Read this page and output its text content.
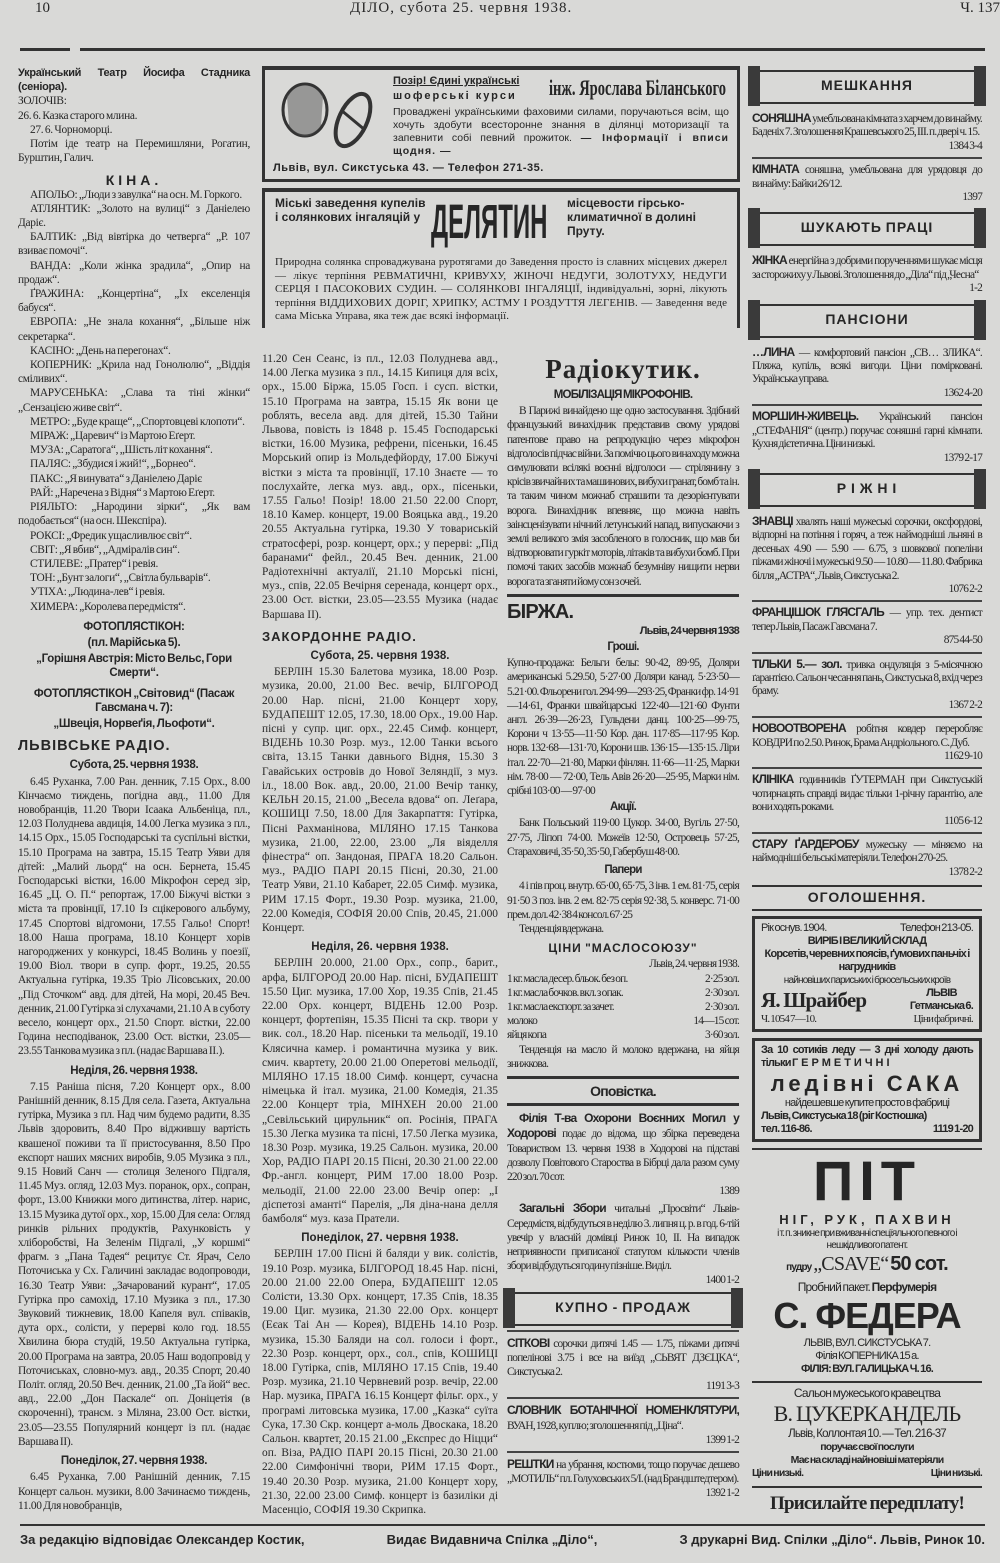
10	ДІЛО, субота 25. червня 1938.	Ч. 137
Український Театр Йосифа Стадника (сеніора).
ЗОЛОЧІВ:
26. 6. Казка старого млина.

27. 6. Чорноморці.

Потім іде театр на Перемишляни, Рогатин, Бурштин, Галич.

КІНА.

АПОЛЬО: „Люди з завулка“ на осн. М. Горкого.

АТЛЯНТИК: „Золото на вулиці“ з Даніелею Даріє.

БАЛТИК: „Від вівтірка до четверга“ „Р. 107 взиває помочі“.

ВАНДА: „Коли жінка зрадила“, „Опир на продаж“.

ҐРАЖИНА: „Концертіна“, „Іх екселенція бабуся“.

ЕВРОПА: „Не знала кохання“, „Більше ніж секретарка“.

КАСІНО: „День на перегонах“.

КОПЕРНИК: „Крила над Гонолюлю“, „Віддія сміливих“.

МАРУСЕНЬКА: „Слава та тіні жінки“ „Сензацією живе світ“.

МЕТРО: „Буде краще“, „Спортовцеві клопоти“.

МІРАЖ: „Царевич“ із Мартою Еґерт.

МУЗА: „Саратога“, „Шість літ кохання“.

ПАЛЯС: „Збудися і жий!“, „Борнео“.

ПАКС: „Я винувата“ з Даніелею Даріє

РАЙ: „Наречена з Відня“ з Мартою Еґерт.

РІЯЛЬТО: „Народини зірки“, „Як вам подобається“ (на осн. Шекспіра).

РОКСІ: „Фредик ущасливлює світ“.

СВІТ: „Я вбив“, „Адміралів син“.

СТИЛЕВЕ: „Пратер“ і ревія.

ТОН: „Бунт залоги“, „Світла бульварів“.

УТІХА: „Людина-лев“ і ревія.

ХИМЕРА: „Королева передмістя“.

ФОТОПЛЯСТІКОН:
(пл. Марійська 5).
„Горішня Австрія: Місто Вельс, Гори Смерти“.
ФОТОПЛЯСТІКОН „Світовид“ (Пасаж Гавсмана ч. 7):
„Швеція, Норвеґія, Льофоти“.
ЛЬВІВСЬКЕ РАДІО.
Субота, 25. червня 1938.

6.45 Руханка, 7.00 Ран. денник, 7.15 Орх., 8.00 Кінчаємо тиждень, погідна авд., 11.00 Для новобранців, 11.20 Твори Ісаака Альбеніца, пл., 12.03 Полуднева авдиція, 14.00 Легка музика з пл., 14.15 Орх., 15.05 Господарські та суспільні вістки, 15.10 Програма на завтра, 15.15 Театр Уяви для дітей: „Малий льорд“ на осн. Бернета, 15.45 Господарські вістки, 16.00 Мікрофон серед зір, 16.45 „Ц. О. П.“ репортаж, 17.00 Біжучі вістки з міста та провінції, 17.10 Із сцікерового альбуму, 17.45 Спортові відгомони, 17.55 Гальо! Спорт! 18.00 Наша програма, 18.10 Концерт хорів нагороджених у конкурсі, 18.45 Волинь у поезії, 19.00 Віол. твори в супр. форт., 19.25, 20.55 Актуальна гутірка, 19.35 Тріо Лісовських, 20.00 „Під Сточком“ авд. для дітей, На морі, 20.45 Веч. денник, 21.00 Гутірка зі слухачами, 21.10 А в суботу весело, концерт орх., 21.50 Спорт. вістки, 22.00 Година несподіванок, 23.00 Ост. вістки, 23.05—23.55 Танкова музика з пл. (надає Варшава II.).

Неділя, 26. червня 1938.

7.15 Раніша пісня, 7.20 Концерт орх., 8.00 Ранішній денник, 8.15 Для села. Газета, Актуальна гутірка, Музика з пл. Над чим будемо радити, 8.35 Львів здоровить, 8.40 Про віджившу вартість квашеної поживи та її пристосування, 8.50 Про експорт наших мясних виробів, 9.05 Музика з пл., 9.15 Новий Санч — столиця Зеленого Підгаля, 11.45 Муз. огляд, 12.03 Муз. поранок, орх., сопран, форт., 13.00 Книжки мого дитинства, літер. нарис, 13.15 Музика дутої орх., хор, 15.00 Для села: Огляд ринків рільних продуктів, Рахунковість у хліборобстві, На Зеленім Підгалі, „У коршмі“ фрагм. з „Пана Тадея“ рецитує Ст. Ярач, Село Поточиська у Сх. Галичині закладає водопроводи, 16.30 Театр Уяви: „Зачарований курант“, 17.05 Гутірка про самохід, 17.10 Музика з пл., 17.30 Звуковий тижневик, 18.00 Капеля вул. співаків, дута орх., солісти, у перерві коло год. 18.55 Хвилина бюра студій, 19.50 Актуальна гутірка, 20.00 Програма на завтра, 20.05 Наш водопровід у Поточиськах, словно-муз. авд., 20.35 Спорт, 20.40 Політ. огляд, 20.50 Веч. денник, 21.00 „Та йой“ вес. авд., 22.00 „Дон Паскале“ оп. Доніцетія (в скороченні), трансм. з Міляна, 23.00 Ост. вістки, 23.05—23.55 Популярний концерт із пл. (надає Варшава II).

Понеділок, 27. червня 1938.

6.45 Руханка, 7.00 Ранішній денник, 7.15 Концерт сальон. музики, 8.00 Зачинаємо тиждень, 11.00 Для новобранців,

Позір! Єдині українські
шоферські курси	інж. Ярослава Біланського
Проваджені українськими фаховими силами, поручаються всім, що хочуть здобути всесторонне знання в ділянці моторизації та запевнити собі певний прожиток. — Інформації і вписи щодня. —
Львів, вул. Сикстуська 43. — Телефон 271-35.
Міські заведення купелів і солянкових інгаляцій у ДЕЛЯТИН	місцевости гірсько-климатичної в долині Пруту.
Природна солянка спроваджувана руротягами до Заведення просто із славних місцевих джерел — лікує терпіння РЕВМАТИЧНІ, КРИВУХУ, ЖІНОЧІ НЕДУГИ, ЗОЛОТУХУ, НЕДУГИ СЕРЦЯ І ПАСОКОВИХ СУДИН. — СОЛЯНКОВІ ІНГАЛЯЦІЇ, індивідуальні, зорні, лікують терпіння ВІДДИХОВИХ ДОРІГ, ХРИПКУ, АСТМУ І РОЗДУТТЯ ЛЕГЕНІВ. — Заведення веде сама Міська Управа, яка теж дає всякі інформації.
11.20 Сен Сеанс, із пл., 12.03 Полуднева авд., 14.00 Легка музика з пл., 14.15 Кипиця для всіх, орх., 15.00 Біржа, 15.05 Госп. і сусп. вістки, 15.10 Програма на завтра, 15.15 Як вони це роблять, весела авд. для дітей, 15.30 Тайни Львова, повість із 1848 р. 15.45 Господарські вістки, 16.00 Музика, рефрени, пісеньки, 16.45 Морський опир із Мольдефйорду, 17.00 Біжучі вістки з міста та провінції, 17.10 Знаєте — то послухайте, легка муз. авд., орх., пісеньки, 17.55 Гальо! Позір! 18.00 21.50 22.00 Спорт, 18.10 Камер. концерт, 19.00 Вояцька авд., 19.20 20.55 Актуальна гутірка, 19.30 У товариській стратосфері, розр. концерт, орх.; у перерві: „Під баранами“ фейл., 20.45 Веч. денник, 21.00 Радіотехнічні актуалії, 21.10 Морські пісні, муз., спів, 22.05 Вечірня серенада, концерт орх., 23.00 Ост. вістки, 23.05—23.55 Музика (надає Варшава II).
ЗАКОРДОННЕ РАДІО.
Субота, 25. червня 1938.

БЕРЛІН 15.30 Балетова музика, 18.00 Розр. музика, 20.00, 21.00 Вес. вечір, БІЛГОРОД 20.00 Нар. пісні, 21.00 Концерт хору, БУДАПЕШТ 12.05, 17.30, 18.00 Орх., 19.00 Нар. пісні у супр. циг. орх., 22.45 Симф. концерт, ВІДЕНЬ 10.30 Розр. муз., 12.00 Танки всього світа, 13.15 Танки давнього Відня, 15.30 З Гавайських островів до Нової Зеляндії, з муз. іл., 18.00 Вок. авд., 20.00, 21.00 Вечір танку, КЕЛЬН 20.15, 21.00 „Весела вдова“ оп. Леґара, КОШИЦІ 7.50, 18.00 Для Закарпаття: Гутірка, Пісні Рахманінова, МІЛЯНО 17.15 Танкова музика, 21.00, 22.00, 23.00 „Ля віяделля фінестра“ оп. Зандоная, ПРАГА 18.20 Сальон. муз., РАДІО ПАРІ 20.15 Пісні, 20.30, 21.00 Театр Уяви, 21.10 Кабарет, 22.05 Симф. музика, РИМ 17.15 Форт., 19.30 Розр. музика, 21.00, 22.00 Комедія, СОФІЯ 20.00 Спів, 20.45, 21.000 Концерт.

Неділя, 26. червня 1938.

БЕРЛІН 20.000, 21.00 Орх., сопр., барит., арфа, БІЛГОРОД 20.00 Нар. пісні, БУДАПЕШТ 15.50 Циг. музика, 17.00 Хор, 19.35 Спів, 21.45 22.00 Орх. концерт, ВІДЕНЬ 12.00 Розр. концерт, фортепіян, 15.35 Пісні та скр. твори у вик. сол., 18.20 Нар. пісеньки та мельодії, 19.10 Клясична камер. і романтична музика у вик. смич. квартету, 20.00 21.00 Оперетові мельодії, МІЛЯНО 17.15 18.00 Симф. концерт, сучасна німецька й італ. музика, 21.00 Комедія, 21.35 22.00 Концерт тріа, МІНХЕН 20.00 21.00 „Севільський цирульник“ оп. Росінія, ПРАГА 15.30 Легка музика та пісні, 17.50 Легка музика, 18.30 Розр. музика, 19.25 Сальон. музика, 20.00 Хор, РАДІО ПАРІ 20.15 Пісні, 20.30 21.00 22.00 Фр.-англ. концерт, РИМ 17.00 18.00 Розр. мельодії, 21.00 22.00 23.00 Вечір опер: „І діспетозі аманті“ Парелія, „Ля діна-нана делля бамболя“ муз. каза Пратели.

Понеділок, 27. червня 1938.

БЕРЛІН 17.00 Пісні й баляди у вик. солістів, 19.10 Розр. музика, БІЛГОРОД 18.45 Нар. пісні, 20.00 21.00 22.00 Опера, БУДАПЕШТ 12.05 Солісти, 13.30 Орх. концерт, 17.35 Спів, 18.35 19.00 Циг. музика, 21.30 22.00 Орх. концерт (Еєак Таі Ан — Корея), ВІДЕНЬ 14.10 Розр. музика, 15.30 Баляди на сол. голоси і форт., 22.30 Розр. концерт, орх., сол., спів, КОШИЦІ 18.00 Гутірка, спів, МІЛЯНО 17.15 Спів, 19.40 Розр. музика, 21.10 Червневий розр. вечір, 22.00 Нар. музика, ПРАГА 16.15 Концерт фільг. орх., у програмі литовська музика, 17.00 „Казка“ суїта Сука, 17.30 Скр. концерт а-моль Двоскака, 18.20 Сальон. квартет, 20.15 21.00 „Експрес до Ніцци“ оп. Віза, РАДІО ПАРІ 20.15 Пісні, 20.30 21.00 22.00 Симфонічні твори, РИМ 17.15 Форт., 19.40 20.30 Розр. музика, 21.00 Концерт хору, 21.30, 22.00 23.00 Симф. концерт із базиліки ді Масенціо, СОФІЯ 19.30 Скрипка.

Радіокутик.
МОБІЛІЗАЦІЯ МІКРОФОНІВ.

В Парижі винайдено ще одно застосування. Здібний французький винахідник представив свому урядові патентове право на репродукцію через мікрофон відголосів підчас війни. За помічю цього винаходу можна симулювати всілякі воєнні відголоси — стрілянину з крісів звичайних та машинових, вибухи гранат, бомб та ін. та таким чином можнаб страшити та дезорієнтувати ворога. Винахідник впевняє, що можна навіть заінсценізувати нічний летунський напад, випускаючи з землі великого змія засобленого в голосник, що мав би відтворювати гуркіт моторів, літаків та вибухи бомб. При помочі таких засобів можнаб безумніву нищити нерви ворога та зганяти йому сон з очей.

БІРЖА.
Львів, 24 червня 1938
Гроші.
Купно-продажа: Бельги бельг. 90·42, 89·95, Доляри американські 5.29.50, 5·27·00 Доляри канад. 5·23·50—5.21·00. Фльорени гол. 294·99—293·25, Франки фр. 14·91—14·61, Франки швайцарські 122·40—121·60 Фунти англ. 26·39—26·23, Гульдени данц. 100·25—99·75, Корони ч 13·55—11·50 Кор. дан. 117·85—117·95 Кор. норв. 132·68—131·70, Корони шв. 136·15—135·15. Ліри італ. 22·70—21·80, Марки фінлян. 11·66—11·25, Марки нім. 78·00 — 72·00, Тель Авів 26·20—25·95, Марки нім. срібні 103·00 — 97·00
Акції.

Банк Польський 119·00 Цукор. 34·00, Вугіль 27·50, 27·75, Ліпоп 74·00. Можеїв 12·50, Островець 57·25, Стараховичі, 35·50, 35·50, Габербуш 48·00.

Папери

4 і пів проц. внутр. 65·00, 65·75, 3 інв. 1 ем. 81·75, серія 91·50 3 поз. інв. 2 ем. 82·75 серія 92·38, 5. конверс. 71·00 прем. дол. 42·38 4 консол. 67·25

Тенденція вдержана.

ЦІНИ "МАСЛОСОЮЗУ"
Львів, 24. червня 1938.
1 кг. масла десер. бльок. без оп.	2·25 зол.
1 кг. масла бочков. вкл. з опак.	2·30 зол.
1 кг. масла експорт. за зачет.	2·30 зол.
молоко	14—15 сот.
яйця копа	3·60 зол.

Тенденція на масло й молоко вдержана, на яйця знижкова.

Оповістка.

Філія Т-ва Охорони Воєнних Могил у Ходорові подає до відома, що збірка переведена Товариством 13. червня 1938 в Ходорові на підставі дозволу Повітового Староства в Бібрці дала разом суму 220 зол. 70 сот.

1389

Загальні Збори читальні „Просвіти“ Львів-Середмістя, відбудуться в неділю 3. липня ц. р. в год. 6-тій увечір у власній домівці Ринок 10, II. На випадок неприявности приписаної статутом кількости членів збори відбудуться годину пізніше. Виділ.

1400 1-2
КУПНО - ПРОДАЖ

СІТКОВІ сорочки дитячі 1.45 — 1.75, піжами дитячі попелінові 3.75 і все на виїзд „СЬВЯТ ДЗЄЦКА“, Сикстуська 2.

1191 3-3

СЛОВНИК БОТАНІЧНОЇ НОМЕНКЛЯТУРИ, ВУАН, 1928, куплю; зголошення під „Ціна“.

1399 1-2

РЕШТКИ на убрання, костюми, тощо поручає дешево „МОТИЛЬ“ пл. Голуховських 5/I. (над Брандштедтером).

1392 1-2
МЕШКАННЯ

СОНЯШНА умебльована кімната з харчем до винайму. Баденіх 7. Зголошення Крашевського 25, III. п. двері ч. 15.

1384 3-4

КІМНАТА соняшна, умебльована для урядовця до винайму: Байки 26/12.

1397
ШУКАЮТЬ ПРАЦІ

ЖІНКА енергійна з добрими порученнями шукає місця за сторожиху у Львові. Зголошення до „Діла“ під „Чесна“

1-2
ПАНСІОНИ

…ЛИНА — комфортовий пансіон „СВ… ЗЛИКА“. Пляжа, купіль, всякі вигоди. Ціни поміркованi. Українська управа.

1362 4-20

МОРШИН-ЖИВЕЦЬ. Український пансіон „СТЕФАНІЯ“ (центр.) поручає соняшні гарні кімнати. Кухня дієтетична. Ціни низькі.

1379 2-17
Р І Ж Н І

ЗНАВЦІ хвалять наші мужеські сорочки, оксфордові, відпорні на потіння і горяч, а теж наймодніші льняні в десеньах 4.90 — 5.90 — 6.75, з шовкової попеліни піжами жіночі і мужеські 9.50 — 10.80 — 11.80. Фабрика білля „АСТРА“, Львів, Сикстуська 2.

1076 2-2

ФРАНЦІШОК ГЛЯСГАЛЬ — упр. тех. дентист тепер Львів, Пасаж Гавсмана 7.

875 44-50

ТІЛЬКИ 5.— зол. тривка ондуляція з 5-місячною ґарантією. Сальон чесання пань, Сикстуська 8, вхід через браму.

1367 2-2

НОВООТВОРЕНА робітня ковдер переробляє КОВДРИ по 2.50. Ринок, Брама Андріольного. С. Дуб.

1162 9-10

КЛІНІКА годинників ҐУТЕРМАН при Сикстуській чотирнацять справді видає тільки 1-річну ґарантію, але вони ходять роками.

1105 6-12

СТАРУ ҐАРДЕРОБУ мужеську — міняємо на наймодніші бельські матеріяли. Телефон 270-25.

1378 2-2
ОГОЛОШЕННЯ.
Рік оснув. 1904.	Телефон 213-05.
ВИРІБ І ВЕЛИКИЙ СКЛАД
Корсетів, черевних поясів, ґумових паньчіх і нагрудників
найновіших париських і брюсельських кроїв
Я. Шрайбер	ЛЬВІВ
Гетманська 6.
Ч. 1054 7—10.	Ціни фабричні.
За 10 сотиків леду — 3 дні холоду дають тільки ГЕРМЕТИЧНІ
ледівні САКА
найдешевше купите просто в фабриці
Львів, Сикстуська 18 (ріг Костюшка)
тел. 116-86.	1119 1-20
ПІТ
НІГ, РУК, ПАХВИН
і т. п. зникне при вживанні спецїяльного певного і нешкідливого патент.
пудру „CSAVE“ 50 сот.
Пробний пакет. Перфумерія
С. ФЕДЕРА
ЛЬВІВ, ВУЛ. СИКСТУСЬКА 7.
Філія КОПЕРНИКА 15 а.
ФІЛІЯ: ВУЛ. ГАЛИЦЬКА Ч. 16.
Сальон мужеського кравецтва
В. ЦУКЕРКАНДЕЛЬ
Львів, Коллонтая 10. — Тел. 216-37
поручає свої послуги
Має на складі найновіші матеріяли
Ціни низькі.	Ціни низькі.
Присилайте передплату!
За редакцію відповідає Олександер Костик,	Видає Видавнича Спілка „Діло“,	З друкарні Вид. Спілки „Діло“. Львів, Ринок 10.
